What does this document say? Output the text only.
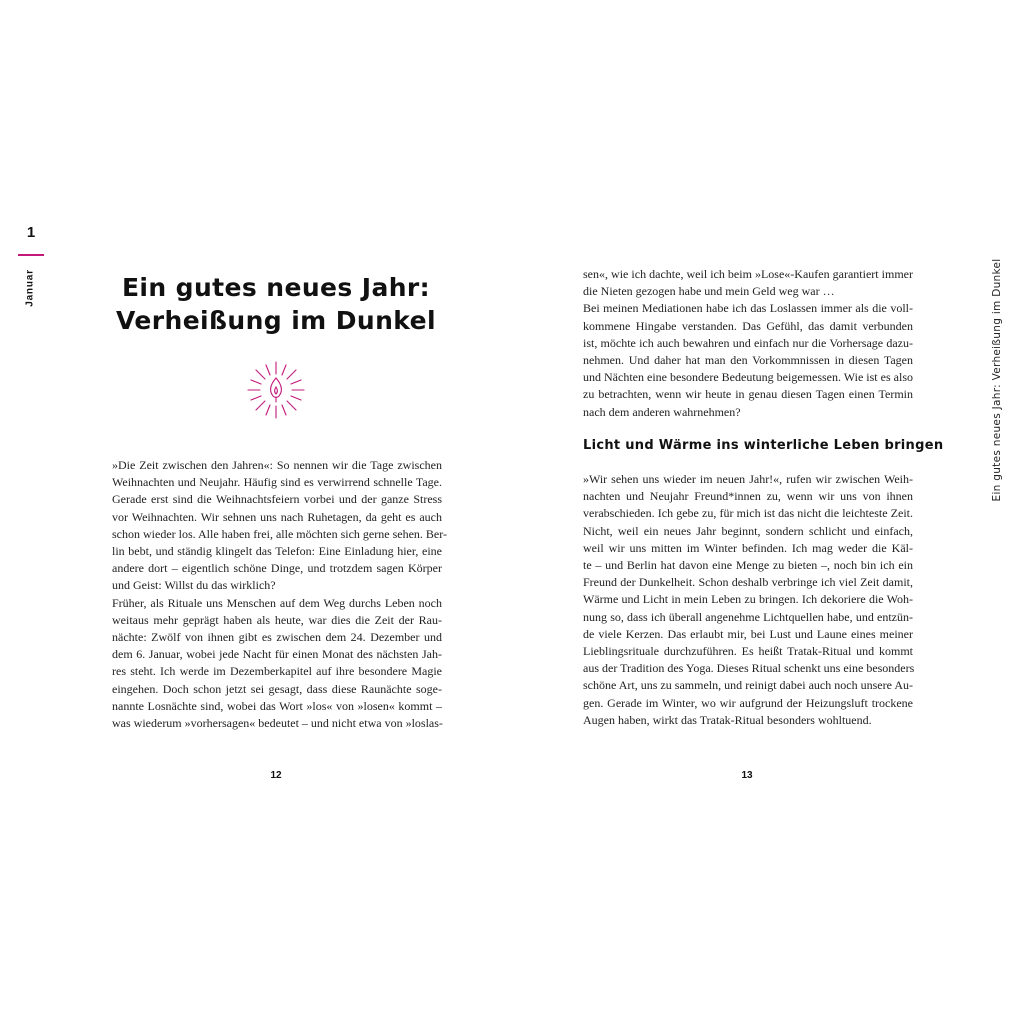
1
Januar	Ein gutes neues Jahr:
Verheißung im Dunkel
»Die Zeit zwischen den Jahren«: So nennen wir die Tage zwischen
Weihnachten und Neujahr. Häufig sind es verwirrend schnelle Tage.
Gerade erst sind die Weihnachtsfeiern vorbei und der ganze Stress
vor Weihnachten. Wir sehnen uns nach Ruhetagen, da geht es auch
schon wieder los. Alle haben frei, alle möchten sich gerne sehen. Ber-
lin bebt, und ständig klingelt das Telefon: Eine Einladung hier, eine
andere dort – eigentlich schöne Dinge, und trotzdem sagen Körper
und Geist: Willst du das wirklich?
Früher, als Rituale uns Menschen auf dem Weg durchs Leben noch
weitaus mehr geprägt haben als heute, war dies die Zeit der Rau-
nächte: Zwölf von ihnen gibt es zwischen dem 24. Dezember und
dem 6. Januar, wobei jede Nacht für einen Monat des nächsten Jah-
res steht. Ich werde im Dezemberkapitel auf ihre besondere Magie
eingehen. Doch schon jetzt sei gesagt, dass diese Raunächte soge-
nannte Losnächte sind, wobei das Wort »los« von »losen« kommt –
was wiederum »vorhersagen« bedeutet – und nicht etwa von »loslas-
sen«, wie ich dachte, weil ich beim »Lose«-Kaufen garantiert immer
die Nieten gezogen habe und mein Geld weg war …
Bei meinen Mediationen habe ich das Loslassen immer als die voll-
kommene Hingabe verstanden. Das Gefühl, das damit verbunden
ist, möchte ich auch bewahren und einfach nur die Vorhersage dazu-
nehmen. Und daher hat man den Vorkommnissen in diesen Tagen
und Nächten eine besondere Bedeutung beigemessen. Wie ist es also
zu betrachten, wenn wir heute in genau diesen Tagen einen Termin
nach dem anderen wahrnehmen?
Licht und Wärme ins winterliche Leben bringen
»Wir sehen uns wieder im neuen Jahr!«, rufen wir zwischen Weih-
nachten und Neujahr Freund*innen zu, wenn wir uns von ihnen
verabschieden. Ich gebe zu, für mich ist das nicht die leichteste Zeit.
Nicht, weil ein neues Jahr beginnt, sondern schlicht und einfach,
weil wir uns mitten im Winter befinden. Ich mag weder die Käl-
te – und Berlin hat davon eine Menge zu bieten –, noch bin ich ein
Freund der Dunkelheit. Schon deshalb verbringe ich viel Zeit damit,
Wärme und Licht in mein Leben zu bringen. Ich dekoriere die Woh-
nung so, dass ich überall angenehme Lichtquellen habe, und entzün-
de viele Kerzen. Das erlaubt mir, bei Lust und Laune eines meiner
Lieblingsrituale durchzuführen. Es heißt Tratak-Ritual und kommt
aus der Tradition des Yoga. Dieses Ritual schenkt uns eine besonders
schöne Art, uns zu sammeln, und reinigt dabei auch noch unsere Au-
gen. Gerade im Winter, wo wir aufgrund der Heizungsluft trockene
Augen haben, wirkt das Tratak-Ritual besonders wohltuend.
12	13
Ein gutes neues Jahr: Verheißung im Dunkel
